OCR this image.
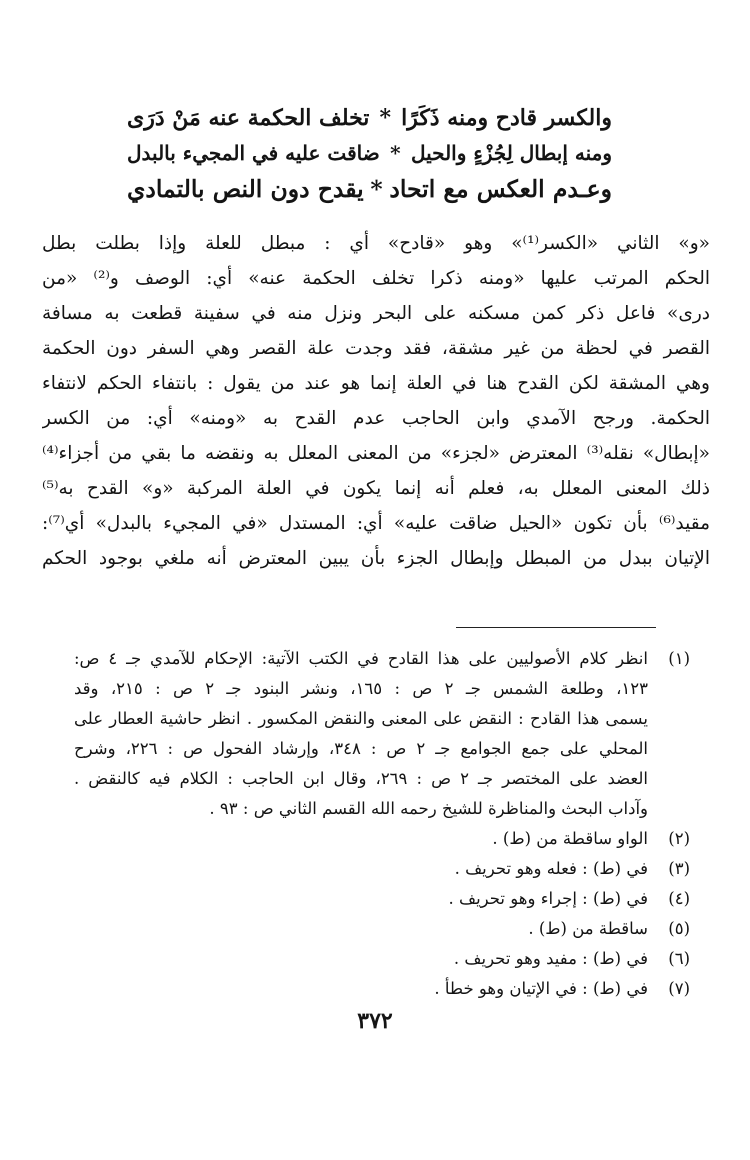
والكسر قادح ومنه ذَكَرًا
*
تخلف الحكمة عنه مَنْ دَرَى
ومنه إبطال لِجُزْءٍ والحيل
*
ضاقت عليه في المجيء بالبدل
وعـدم العكس مع اتحاد
*
يقدح دون النص بالتمادي
«و» الثاني «الكسر⁽¹⁾» وهو «قادح» أي : مبطل للعلة وإذا بطلت بطل
الحكم المرتب عليها «ومنه ذكرا تخلف الحكمة عنه» أي: الوصف و⁽²⁾ «من
درى» فاعل ذكر كمن مسكنه على البحر ونزل منه في سفينة قطعت به مسافة
القصر في لحظة من غير مشقة، فقد وجدت علة القصر وهي السفر دون الحكمة
وهي المشقة لكن القدح هنا في العلة إنما هو عند من يقول : بانتفاء الحكم لانتفاء
الحكمة. ورجح الآمدي وابن الحاجب عدم القدح به «ومنه» أي: من الكسر
«إبطال» نقله⁽³⁾ المعترض «لجزء» من المعنى المعلل به ونقضه ما بقي من أجزاء⁽⁴⁾
ذلك المعنى المعلل به، فعلم أنه إنما يكون في العلة المركبة «و» القدح به⁽⁵⁾
مقيد⁽⁶⁾ بأن تكون «الحيل ضاقت عليه» أي: المستدل «في المجيء بالبدل» أي⁽⁷⁾:
الإتيان ببدل من المبطل وإبطال الجزء بأن يبين المعترض أنه ملغي بوجود الحكم
(١)
انظر كلام الأصوليين على هذا القادح في الكتب الآتية: الإحكام للآمدي جـ ٤ ص:
١٢٣، وطلعة الشمس جـ ٢ ص : ١٦٥، ونشر البنود جـ ٢ ص : ٢١٥، وقد
يسمى هذا القادح : النقض على المعنى والنقض المكسور . انظر حاشية العطار على
المحلي على جمع الجوامع جـ ٢ ص : ٣٤٨، وإرشاد الفحول ص : ٢٢٦، وشرح
العضد على المختصر جـ ٢ ص : ٢٦٩، وقال ابن الحاجب : الكلام فيه كالنقض .
وآداب البحث والمناظرة للشيخ رحمه الله القسم الثاني ص : ٩٣ .
(٢)
الواو ساقطة من (ط) .
(٣)
في (ط) : فعله وهو تحريف .
(٤)
في (ط) : إجراء وهو تحريف .
(٥)
ساقطة من (ط) .
(٦)
في (ط) : مفيد وهو تحريف .
(٧)
في (ط) : في الإتيان وهو خطأ .
٣٧٢
